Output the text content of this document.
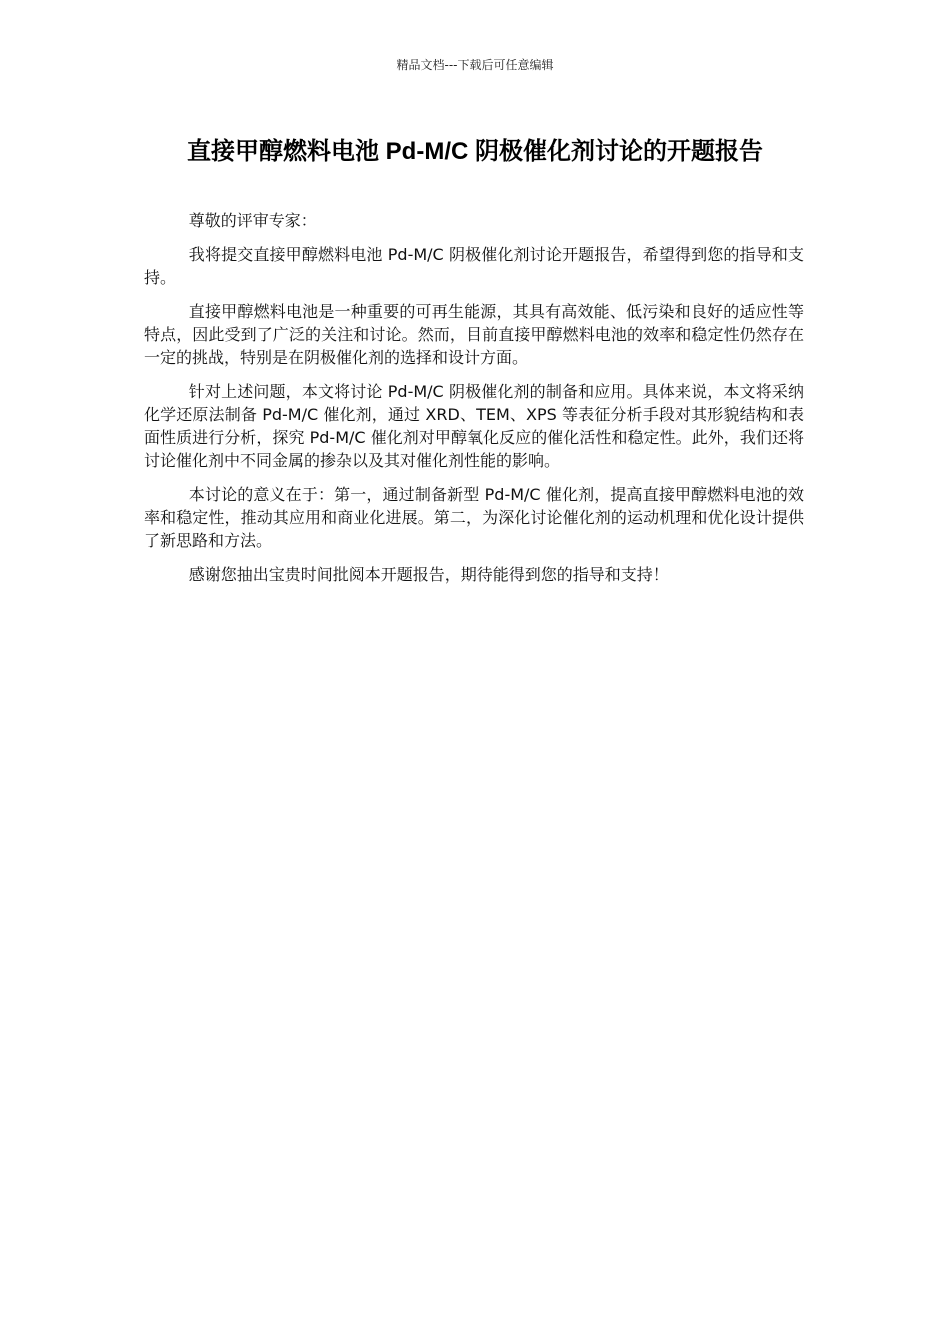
精品文档---下载后可任意编辑
直接甲醇燃料电池 Pd-M/C 阴极催化剂讨论的开题报告

尊敬的评审专家：

我将提交直接甲醇燃料电池 Pd-M/C 阴极催化剂讨论开题报告，希望得到您的指导和支持。

直接甲醇燃料电池是一种重要的可再生能源，其具有高效能、低污染和良好的适应性等特点，因此受到了广泛的关注和讨论。然而，目前直接甲醇燃料电池的效率和稳定性仍然存在一定的挑战，特别是在阴极催化剂的选择和设计方面。

针对上述问题，本文将讨论 Pd-M/C 阴极催化剂的制备和应用。具体来说，本文将采纳化学还原法制备 Pd-M/C 催化剂，通过 XRD、TEM、XPS 等表征分析手段对其形貌结构和表面性质进行分析，探究 Pd-M/C 催化剂对甲醇氧化反应的催化活性和稳定性。此外，我们还将讨论催化剂中不同金属的掺杂以及其对催化剂性能的影响。

本讨论的意义在于：第一，通过制备新型 Pd-M/C 催化剂，提高直接甲醇燃料电池的效率和稳定性，推动其应用和商业化进展。第二，为深化讨论催化剂的运动机理和优化设计提供了新思路和方法。

感谢您抽出宝贵时间批阅本开题报告，期待能得到您的指导和支持！
